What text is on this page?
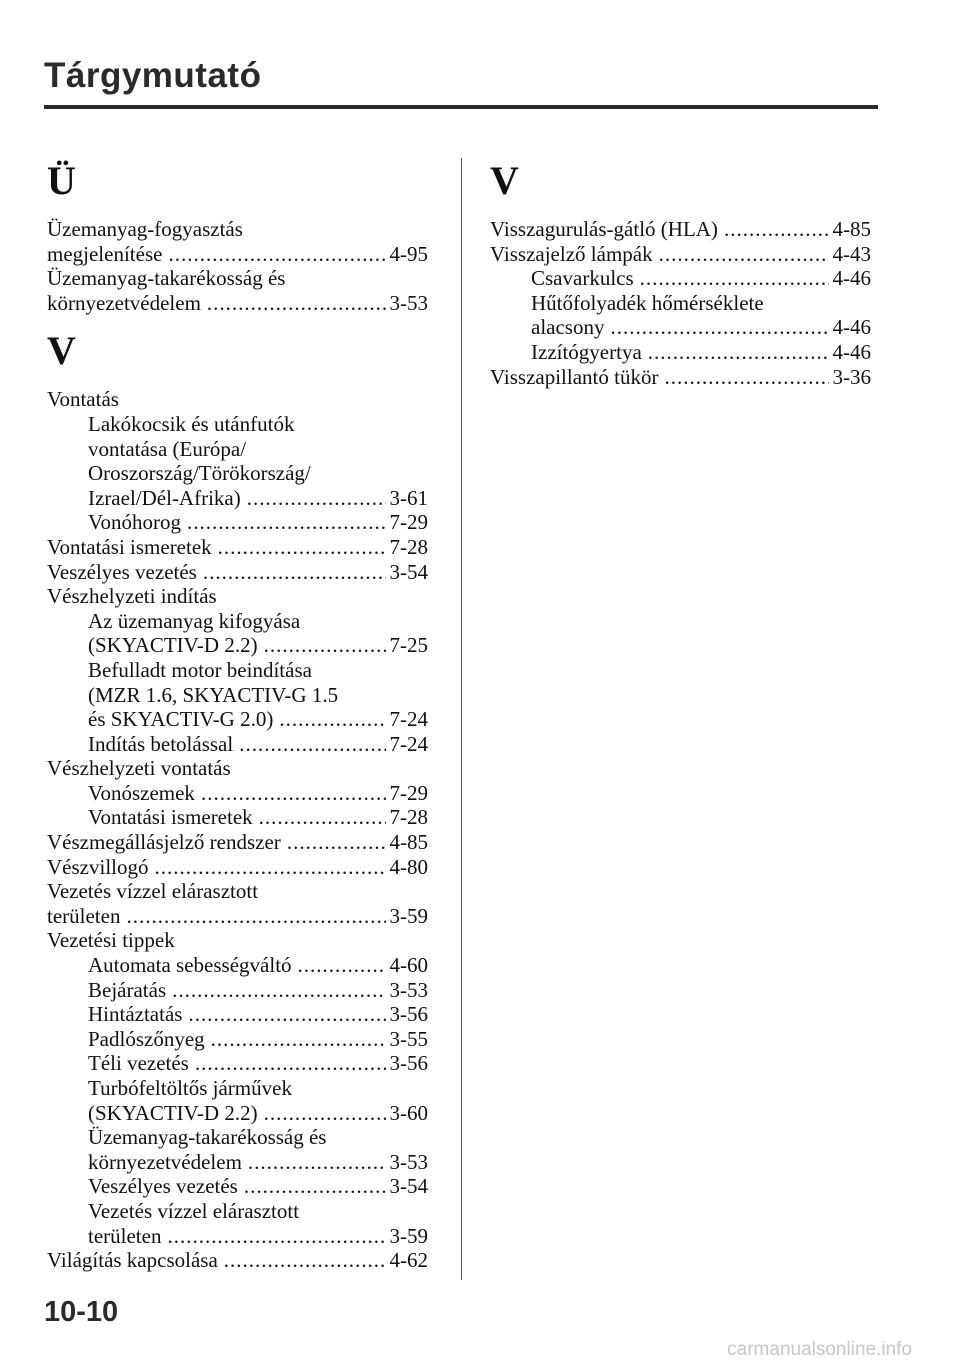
Tárgymutató
Ü
Üzemanyag-fogyasztás
megjelenítése .....	4-95
Üzemanyag-takarékosság és
környezetvédelem .....	3-53
V
Vontatás
Lakókocsik és utánfutók
vontatása (Európa/
Oroszország/Törökország/
Izrael/Dél-Afrika) .....	3-61
Vonóhorog .....	7-29
Vontatási ismeretek .....	7-28
Veszélyes vezetés .....	3-54
Vészhelyzeti indítás
Az üzemanyag kifogyása
(SKYACTIV-D 2.2) .....	7-25
Befulladt motor beindítása
(MZR 1.6, SKYACTIV-G 1.5
és SKYACTIV-G 2.0) .....	7-24
Indítás betolással .....	7-24
Vészhelyzeti vontatás
Vonószemek .....	7-29
Vontatási ismeretek .....	7-28
Vészmegállásjelző rendszer .....	4-85
Vészvillogó .....	4-80
Vezetés vízzel elárasztott
területen .....	3-59
Vezetési tippek
Automata sebességváltó .....	4-60
Bejáratás .....	3-53
Hintáztatás .....	3-56
Padlószőnyeg .....	3-55
Téli vezetés .....	3-56
Turbófeltöltős járművek
(SKYACTIV-D 2.2) .....	3-60
Üzemanyag-takarékosság és
környezetvédelem .....	3-53
Veszélyes vezetés .....	3-54
Vezetés vízzel elárasztott
területen .....	3-59
Világítás kapcsolása .....	4-62
V
Visszagurulás-gátló (HLA) .....	4-85
Visszajelző lámpák .....	4-43
Csavarkulcs .....	4-46
Hűtőfolyadék hőmérséklete
alacsony .....	4-46
Izzítógyertya .....	4-46
Visszapillantó tükör .....	3-36
10-10
carmanualsonline.info
